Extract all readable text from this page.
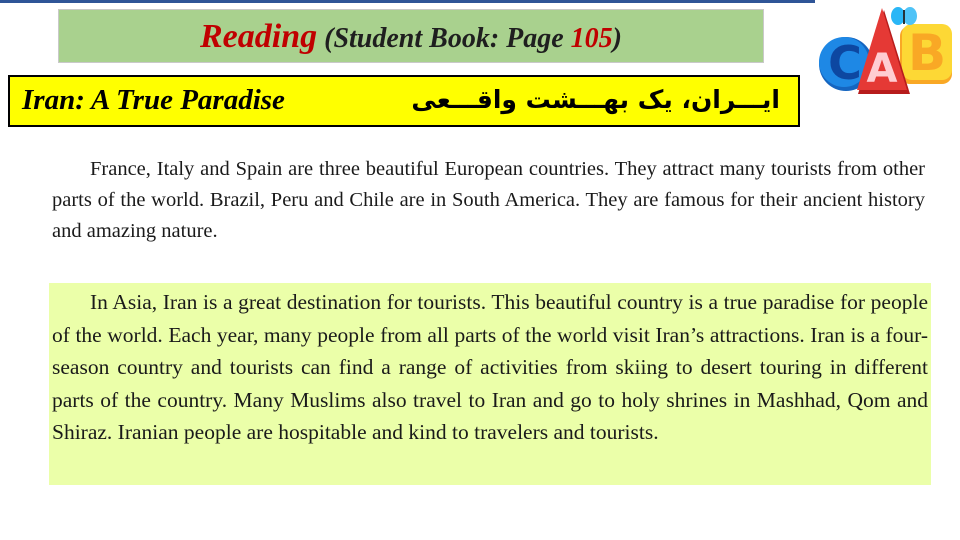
Reading (Student Book: Page 105)	B
C A
Iran: A True Paradise	ایـــران، یک بهـــشت واقـــعی

France, Italy and Spain are three beautiful European countries. They attract many tourists from other parts of the world. Brazil, Peru and Chile are in South America. They are famous for their ancient history and amazing nature.

In Asia, Iran is a great destination for tourists. This beautiful country is a true paradise for people of the world. Each year, many people from all parts of the world visit Iran’s attractions. Iran is a four- season country and tourists can find a range of activities from skiing to desert touring in different parts of the country. Many Muslims also travel to Iran and go to holy shrines in Mashhad, Qom and Shiraz. Iranian people are hospitable and kind to travelers and tourists.
